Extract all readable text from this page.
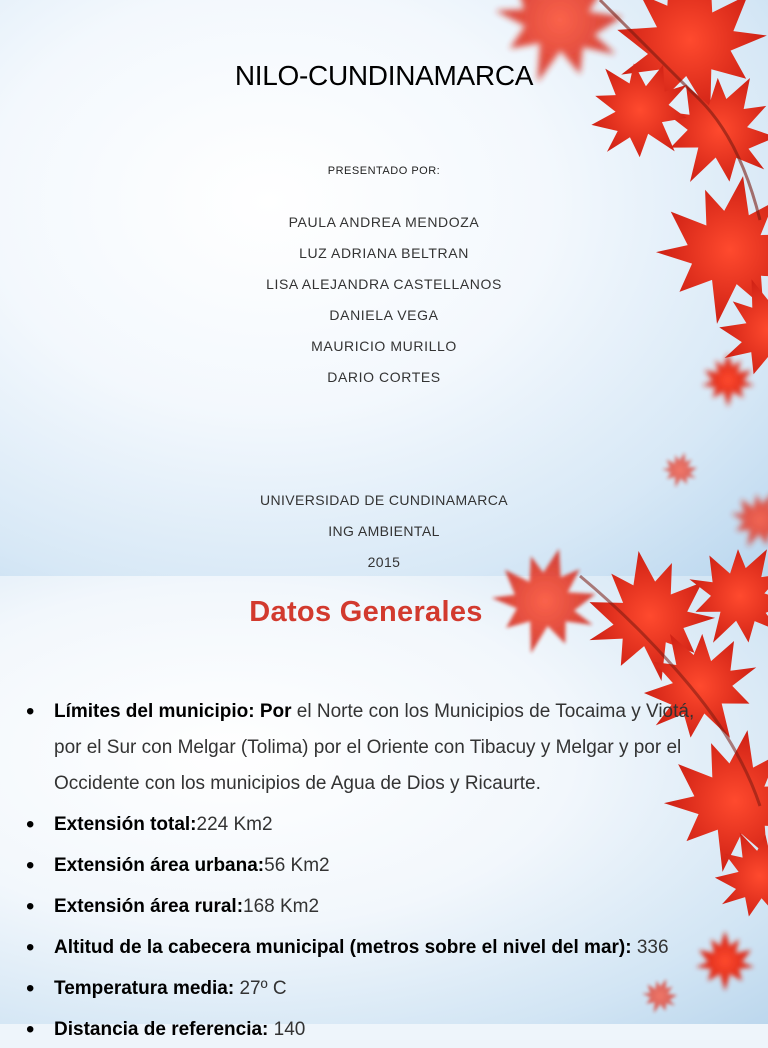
NILO-CUNDINAMARCA
PRESENTADO POR:
PAULA ANDREA MENDOZA
LUZ ADRIANA BELTRAN
LISA ALEJANDRA CASTELLANOS
DANIELA VEGA
MAURICIO MURILLO
DARIO CORTES
UNIVERSIDAD DE CUNDINAMARCA
ING AMBIENTAL
2015
Datos Generales
• Límites del municipio: Por el Norte con los Municipios de Tocaima y Viotá, por el Sur con Melgar (Tolima) por el Oriente con Tibacuy y Melgar y por el Occidente con los municipios de Agua de Dios y Ricaurte.
• Extensión total:224 Km2
• Extensión área urbana:56 Km2
• Extensión área rural:168 Km2
• Altitud de la cabecera municipal (metros sobre el nivel del mar): 336
• Temperatura media: 27º C
• Distancia de referencia: 140
